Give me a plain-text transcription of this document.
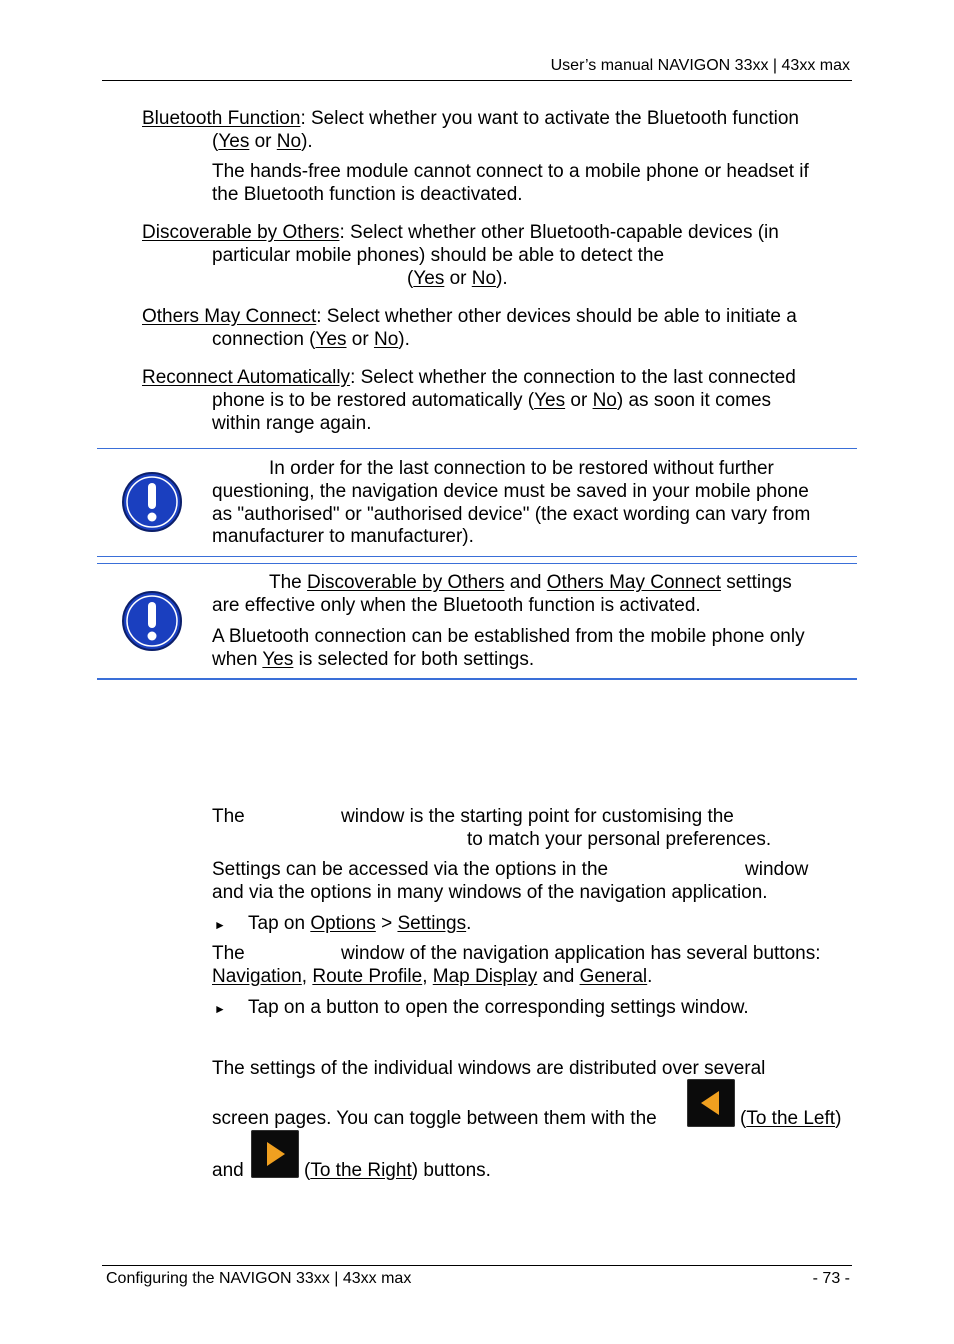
User’s manual NAVIGON 33xx | 43xx max
Bluetooth Function: Select whether you want to activate the Bluetooth function
(Yes or No).
The hands-free module cannot connect to a mobile phone or headset if
the Bluetooth function is deactivated.
Discoverable by Others: Select whether other Bluetooth-capable devices (in
particular mobile phones) should be able to detect the
(Yes or No).
Others May Connect: Select whether other devices should be able to initiate a
connection (Yes or No).
Reconnect Automatically: Select whether the connection to the last connected
phone is to be restored automatically (Yes or No) as soon it comes
within range again.
In order for the last connection to be restored without further
questioning, the navigation device must be saved in your mobile phone
as "authorised" or "authorised device" (the exact wording can vary from
manufacturer to manufacturer).
The Discoverable by Others and Others May Connect settings
are effective only when the Bluetooth function is activated.
A Bluetooth connection can be established from the mobile phone only
when Yes is selected for both settings.
The	window is the starting point for customising the
to match your personal preferences.
Settings can be accessed via the options in the	window
and via the options in many windows of the navigation application.
► Tap on Options > Settings.
The	window of the navigation application has several buttons:
Navigation, Route Profile, Map Display and General.
► Tap on a button to open the corresponding settings window.
The settings of the individual windows are distributed over several
screen pages. You can toggle between them with the	(To the Left)
and	(To the Right) buttons.
Configuring the NAVIGON 33xx | 43xx max	- 73 -
